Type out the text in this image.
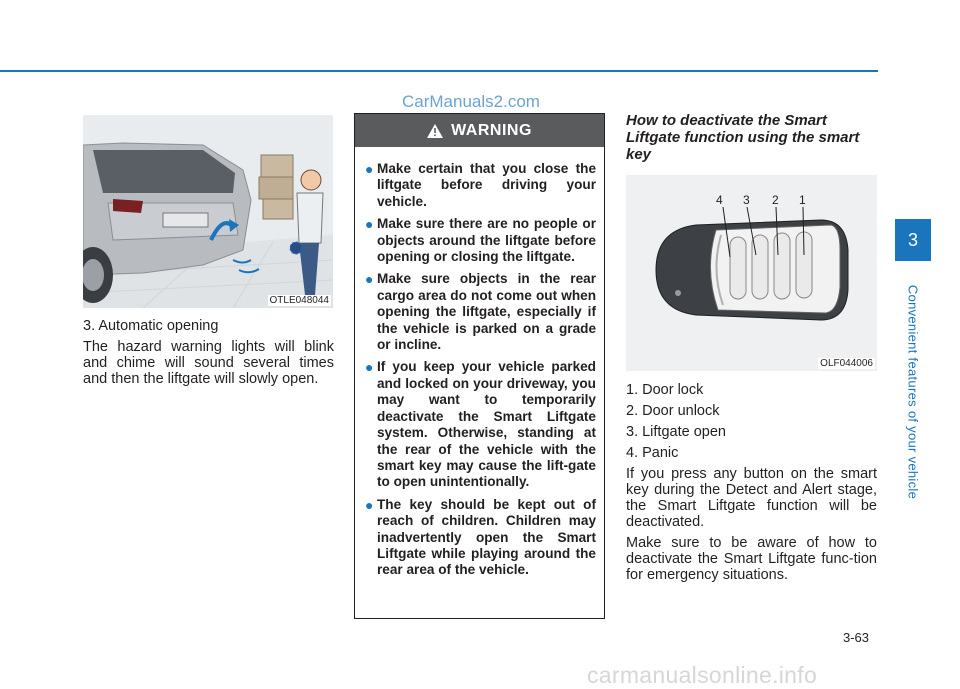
CarManuals2.com
OTLE048044

3. Automatic opening

The hazard warning lights will blink and chime will sound several times and then the liftgate will slowly open.

WARNING
● Make certain that you close the liftgate before driving your vehicle.
● Make sure there are no people or objects around the liftgate before opening or closing the liftgate.
● Make sure objects in the rear cargo area do not come out when opening the liftgate, especially if the vehicle is parked on a grade or incline.
● If you keep your vehicle parked and locked on your driveway, you may want to temporarily deactivate the Smart Liftgate system. Otherwise, standing at the rear of the vehicle with the smart key may cause the lift-gate to open unintentionally.
● The key should be kept out of reach of children. Children may inadvertently open the Smart Liftgate while playing around the rear area of the vehicle.
How to deactivate the Smart Liftgate function using the smart key
4 3 2 1
OLF044006

1. Door lock

2. Door unlock

3. Liftgate open

4. Panic

If you press any button on the smart key during the Detect and Alert stage, the Smart Liftgate function will be deactivated.

Make sure to be aware of how to deactivate the Smart Liftgate func-tion for emergency situations.

3
Convenient features of your vehicle
3-63
carmanualsonline.info
